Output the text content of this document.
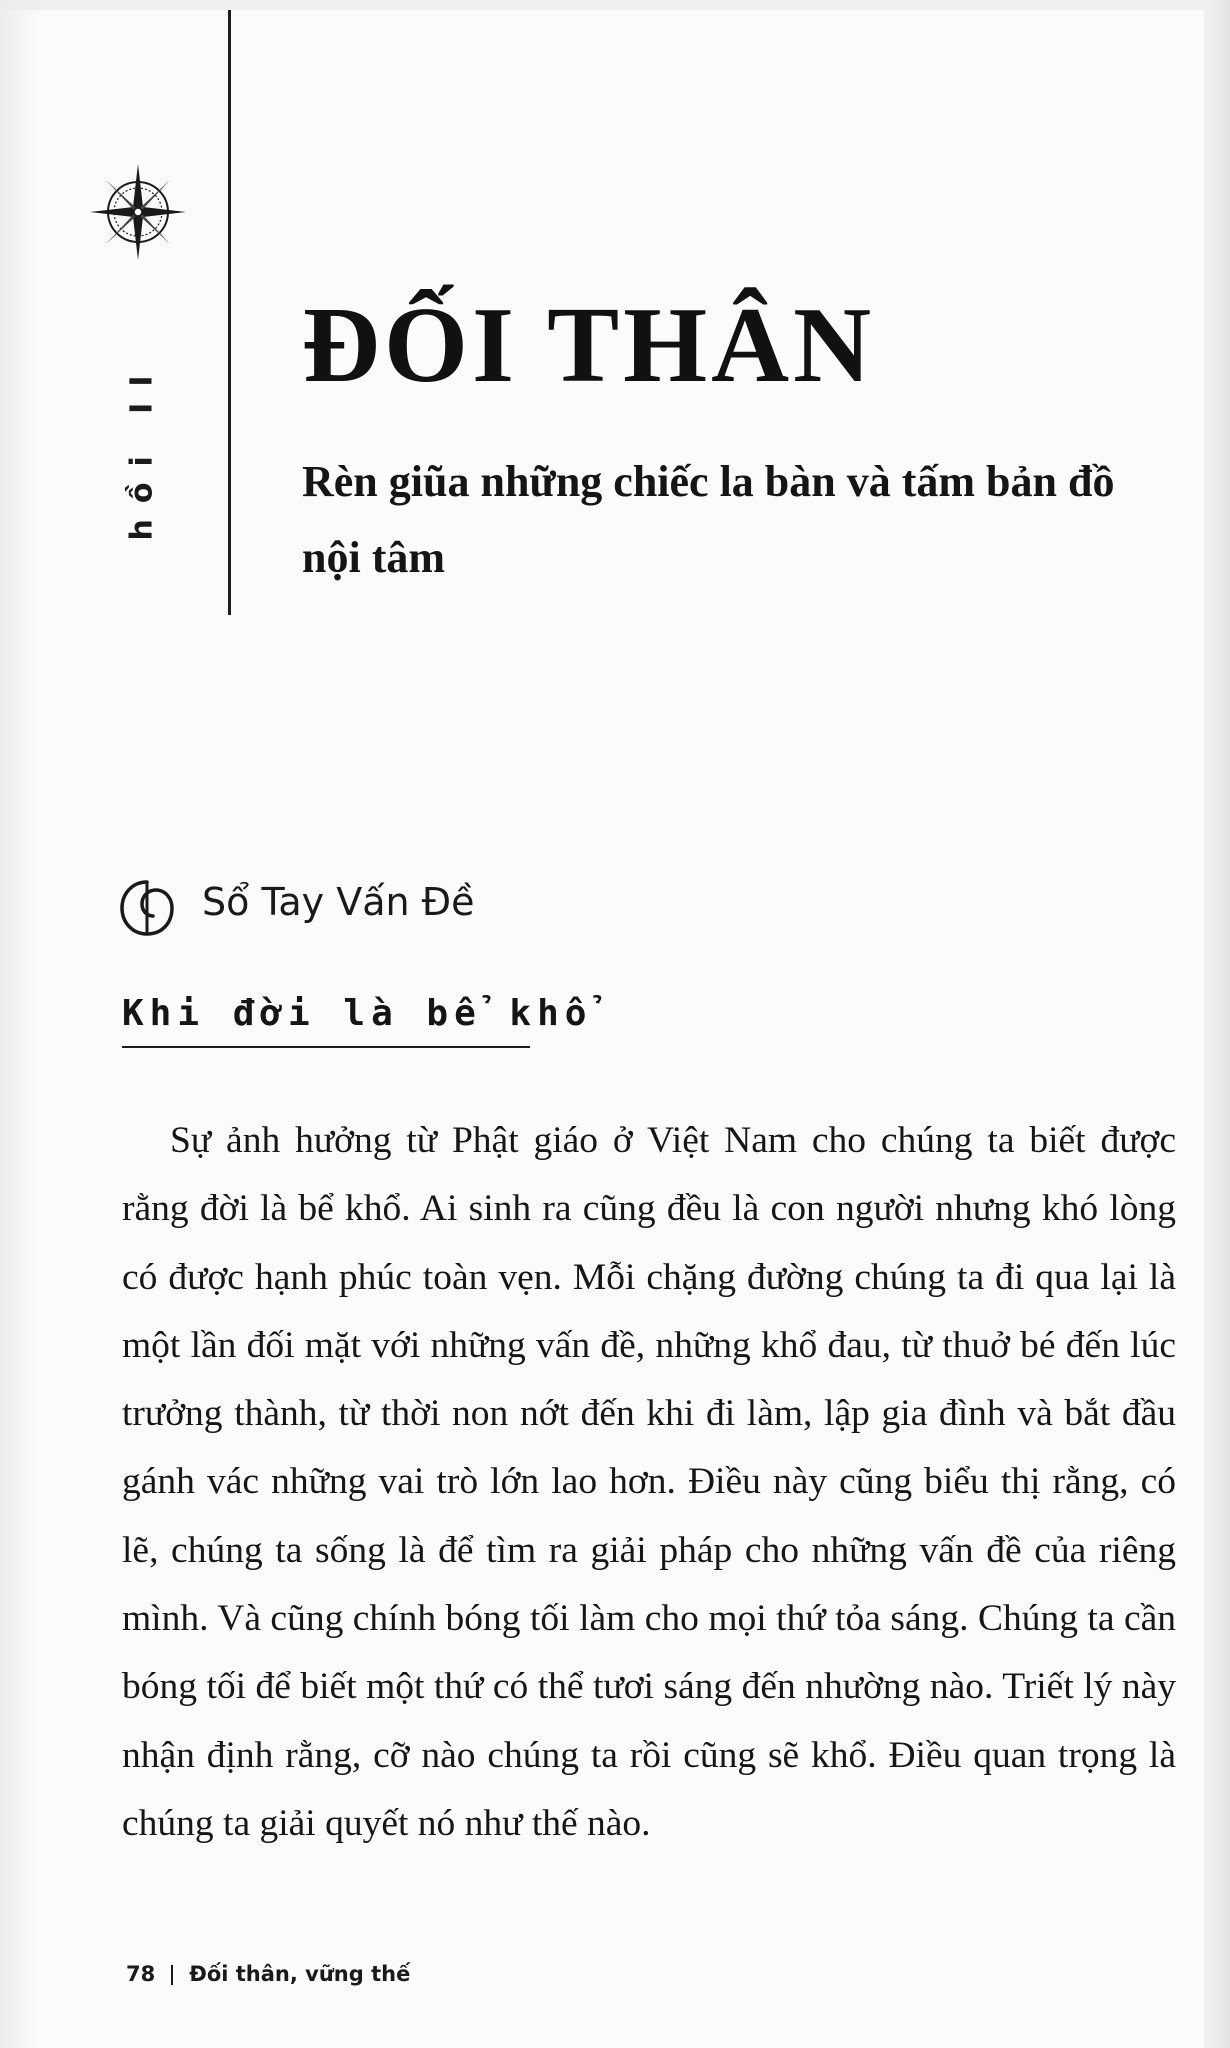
hồi II
ĐỐI THÂN

Rèn giũa những chiếc la bàn và tấm bản đồ nội tâm

Sổ Tay Vấn Đề
Khi đời là bể khổ

Sự ảnh hưởng từ Phật giáo ở Việt Nam cho chúng ta biết được rằng đời là bể khổ. Ai sinh ra cũng đều là con người nhưng khó lòng có được hạnh phúc toàn vẹn. Mỗi chặng đường chúng ta đi qua lại là một lần đối mặt với những vấn đề, những khổ đau, từ thuở bé đến lúc trưởng thành, từ thời non nớt đến khi đi làm, lập gia đình và bắt đầu gánh vác những vai trò lớn lao hơn. Điều này cũng biểu thị rằng, có lẽ, chúng ta sống là để tìm ra giải pháp cho những vấn đề của riêng mình. Và cũng chính bóng tối làm cho mọi thứ tỏa sáng. Chúng ta cần bóng tối để biết một thứ có thể tươi sáng đến nhường nào. Triết lý này nhận định rằng, cỡ nào chúng ta rồi cũng sẽ khổ. Điều quan trọng là chúng ta giải quyết nó như thế nào.

78 Đối thân, vững thế
